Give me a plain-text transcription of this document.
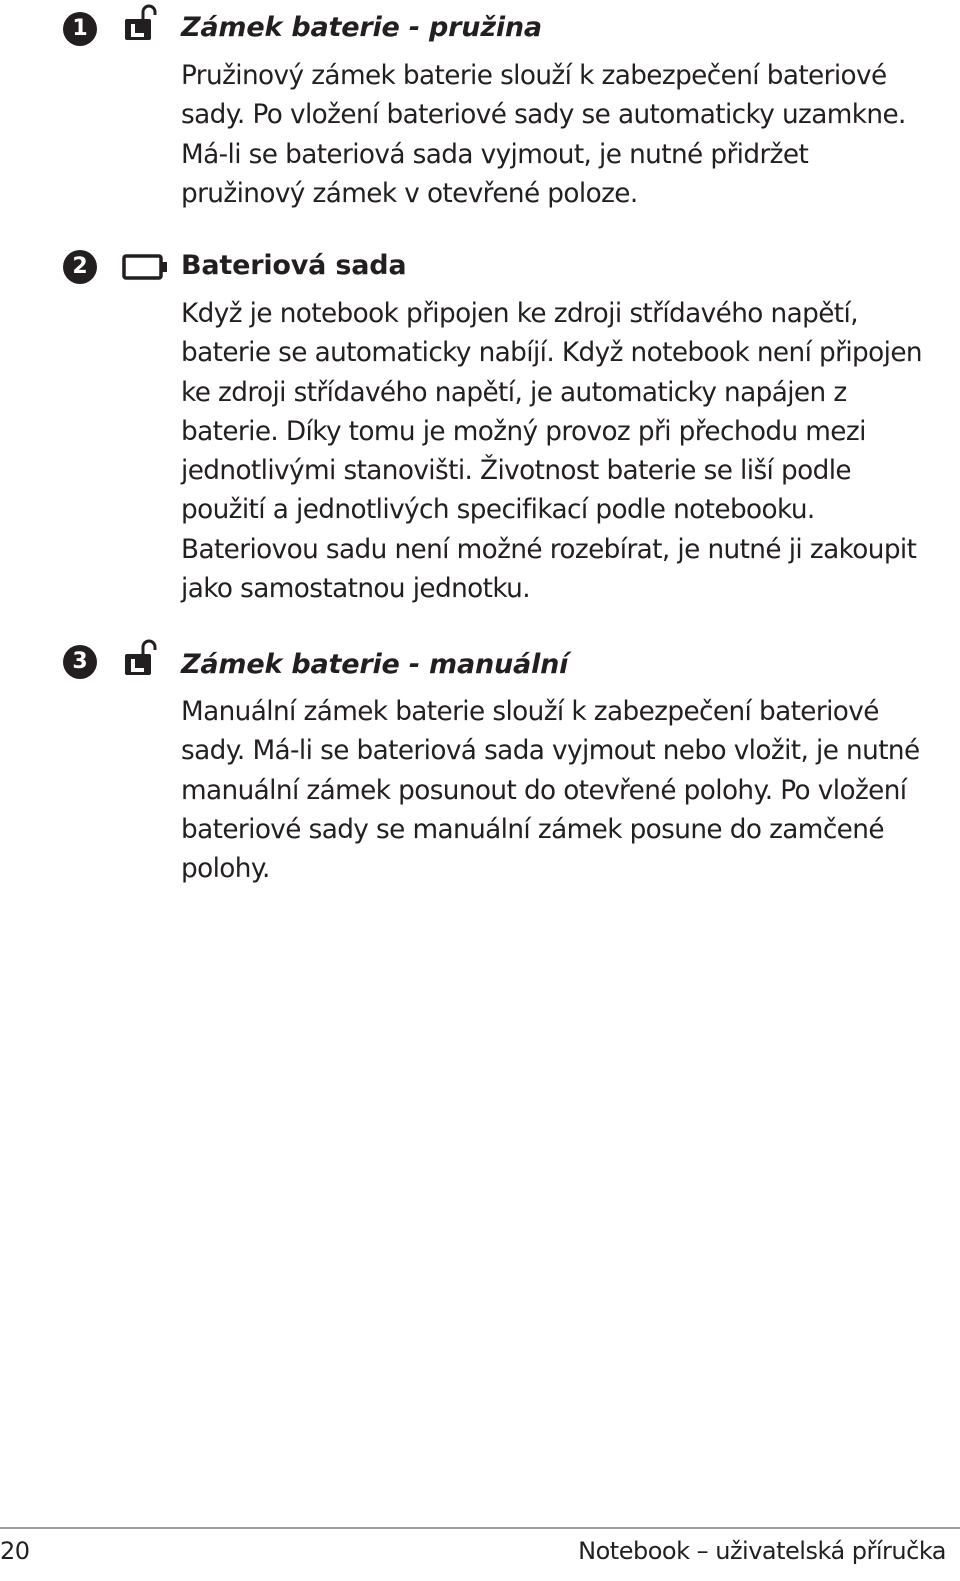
1	Zámek baterie - pružina

Pružinový zámek baterie slouží k zabezpečení bateriové
sady. Po vložení bateriové sady se automaticky uzamkne.
Má-li se bateriová sada vyjmout, je nutné přidržet
pružinový zámek v otevřené poloze.

2	Bateriová sada

Když je notebook připojen ke zdroji střídavého napětí,
baterie se automaticky nabíjí. Když notebook není připojen
ke zdroji střídavého napětí, je automaticky napájen z
baterie. Díky tomu je možný provoz při přechodu mezi
jednotlivými stanovišti. Životnost baterie se liší podle
použití a jednotlivých specifikací podle notebooku.
Bateriovou sadu není možné rozebírat, je nutné ji zakoupit
jako samostatnou jednotku.

3	Zámek baterie - manuální

Manuální zámek baterie slouží k zabezpečení bateriové
sady. Má-li se bateriová sada vyjmout nebo vložit, je nutné
manuální zámek posunout do otevřené polohy. Po vložení
bateriové sady se manuální zámek posune do zamčené
polohy.

20	Notebook – uživatelská příručka
